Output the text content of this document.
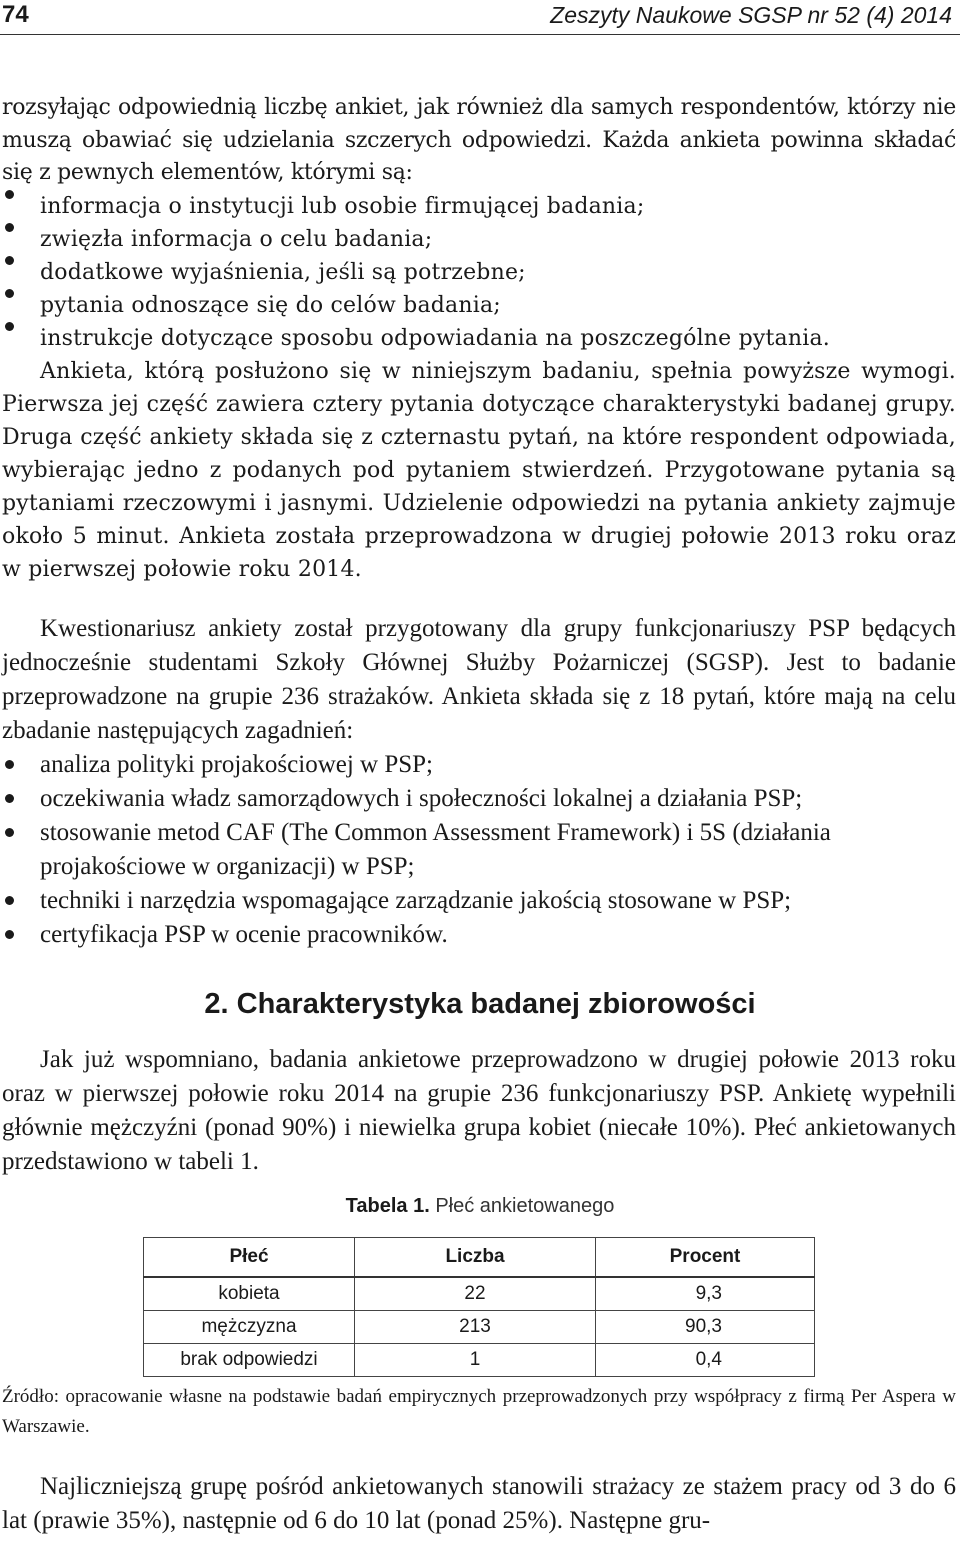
74	Zeszyty Naukowe SGSP nr 52 (4) 2014

rozsyłając odpowiednią liczbę ankiet, jak również dla samych respondentów, którzy nie muszą obawiać się udzielania szczerych odpowiedzi. Każda ankieta powinna składać się z pewnych elementów, którymi są:

informacja o instytucji lub osobie firmującej badania;
zwięzła informacja o celu badania;
dodatkowe wyjaśnienia, jeśli są potrzebne;
pytania odnoszące się do celów badania;
instrukcje dotyczące sposobu odpowiadania na poszczególne pytania.

Ankieta, którą posłużono się w niniejszym badaniu, spełnia powyższe wymogi. Pierwsza jej część zawiera cztery pytania dotyczące charakterystyki badanej grupy. Druga część ankiety składa się z czternastu pytań, na które respondent odpowiada, wybierając jedno z podanych pod pytaniem stwierdzeń. Przygotowane pytania są pytaniami rzeczowymi i jasnymi. Udzielenie odpowiedzi na pytania ankiety zajmuje około 5 minut. Ankieta została przeprowadzona w drugiej połowie 2013 roku oraz w pierwszej połowie roku 2014.

Kwestionariusz ankiety został przygotowany dla grupy funkcjonariuszy PSP będących jednocześnie studentami Szkoły Głównej Służby Pożarniczej (SGSP). Jest to badanie przeprowadzone na grupie 236 strażaków. Ankieta składa się z 18 pytań, które mają na celu zbadanie następujących zagadnień:

analiza polityki projakościowej w PSP;
oczekiwania władz samorządowych i społeczności lokalnej a działania PSP;
stosowanie metod CAF (The Common Assessment Framework) i 5S (działania projakościowe w organizacji) w PSP;
techniki i narzędzia wspomagające zarządzanie jakością stosowane w PSP;
certyfikacja PSP w ocenie pracowników.
2. Charakterystyka badanej zbiorowości

Jak już wspomniano, badania ankietowe przeprowadzono w drugiej połowie 2013 roku oraz w pierwszej połowie roku 2014 na grupie 236 funkcjonariuszy PSP. Ankietę wypełnili głównie mężczyźni (ponad 90%) i niewielka grupa kobiet (niecałe 10%). Płeć ankietowanych przedstawiono w tabeli 1.

Tabela 1. Płeć ankietowanego
Płeć	Liczba	Procent
kobieta	22	9,3
mężczyzna	213	90,3
brak odpowiedzi	1	0,4

Źródło: opracowanie własne na podstawie badań empirycznych przeprowadzonych przy współpracy z firmą Per Aspera w Warszawie.

Najliczniejszą grupę pośród ankietowanych stanowili strażacy ze stażem pracy od 3 do 6 lat (prawie 35%), następnie od 6 do 10 lat (ponad 25%). Następne gru-
